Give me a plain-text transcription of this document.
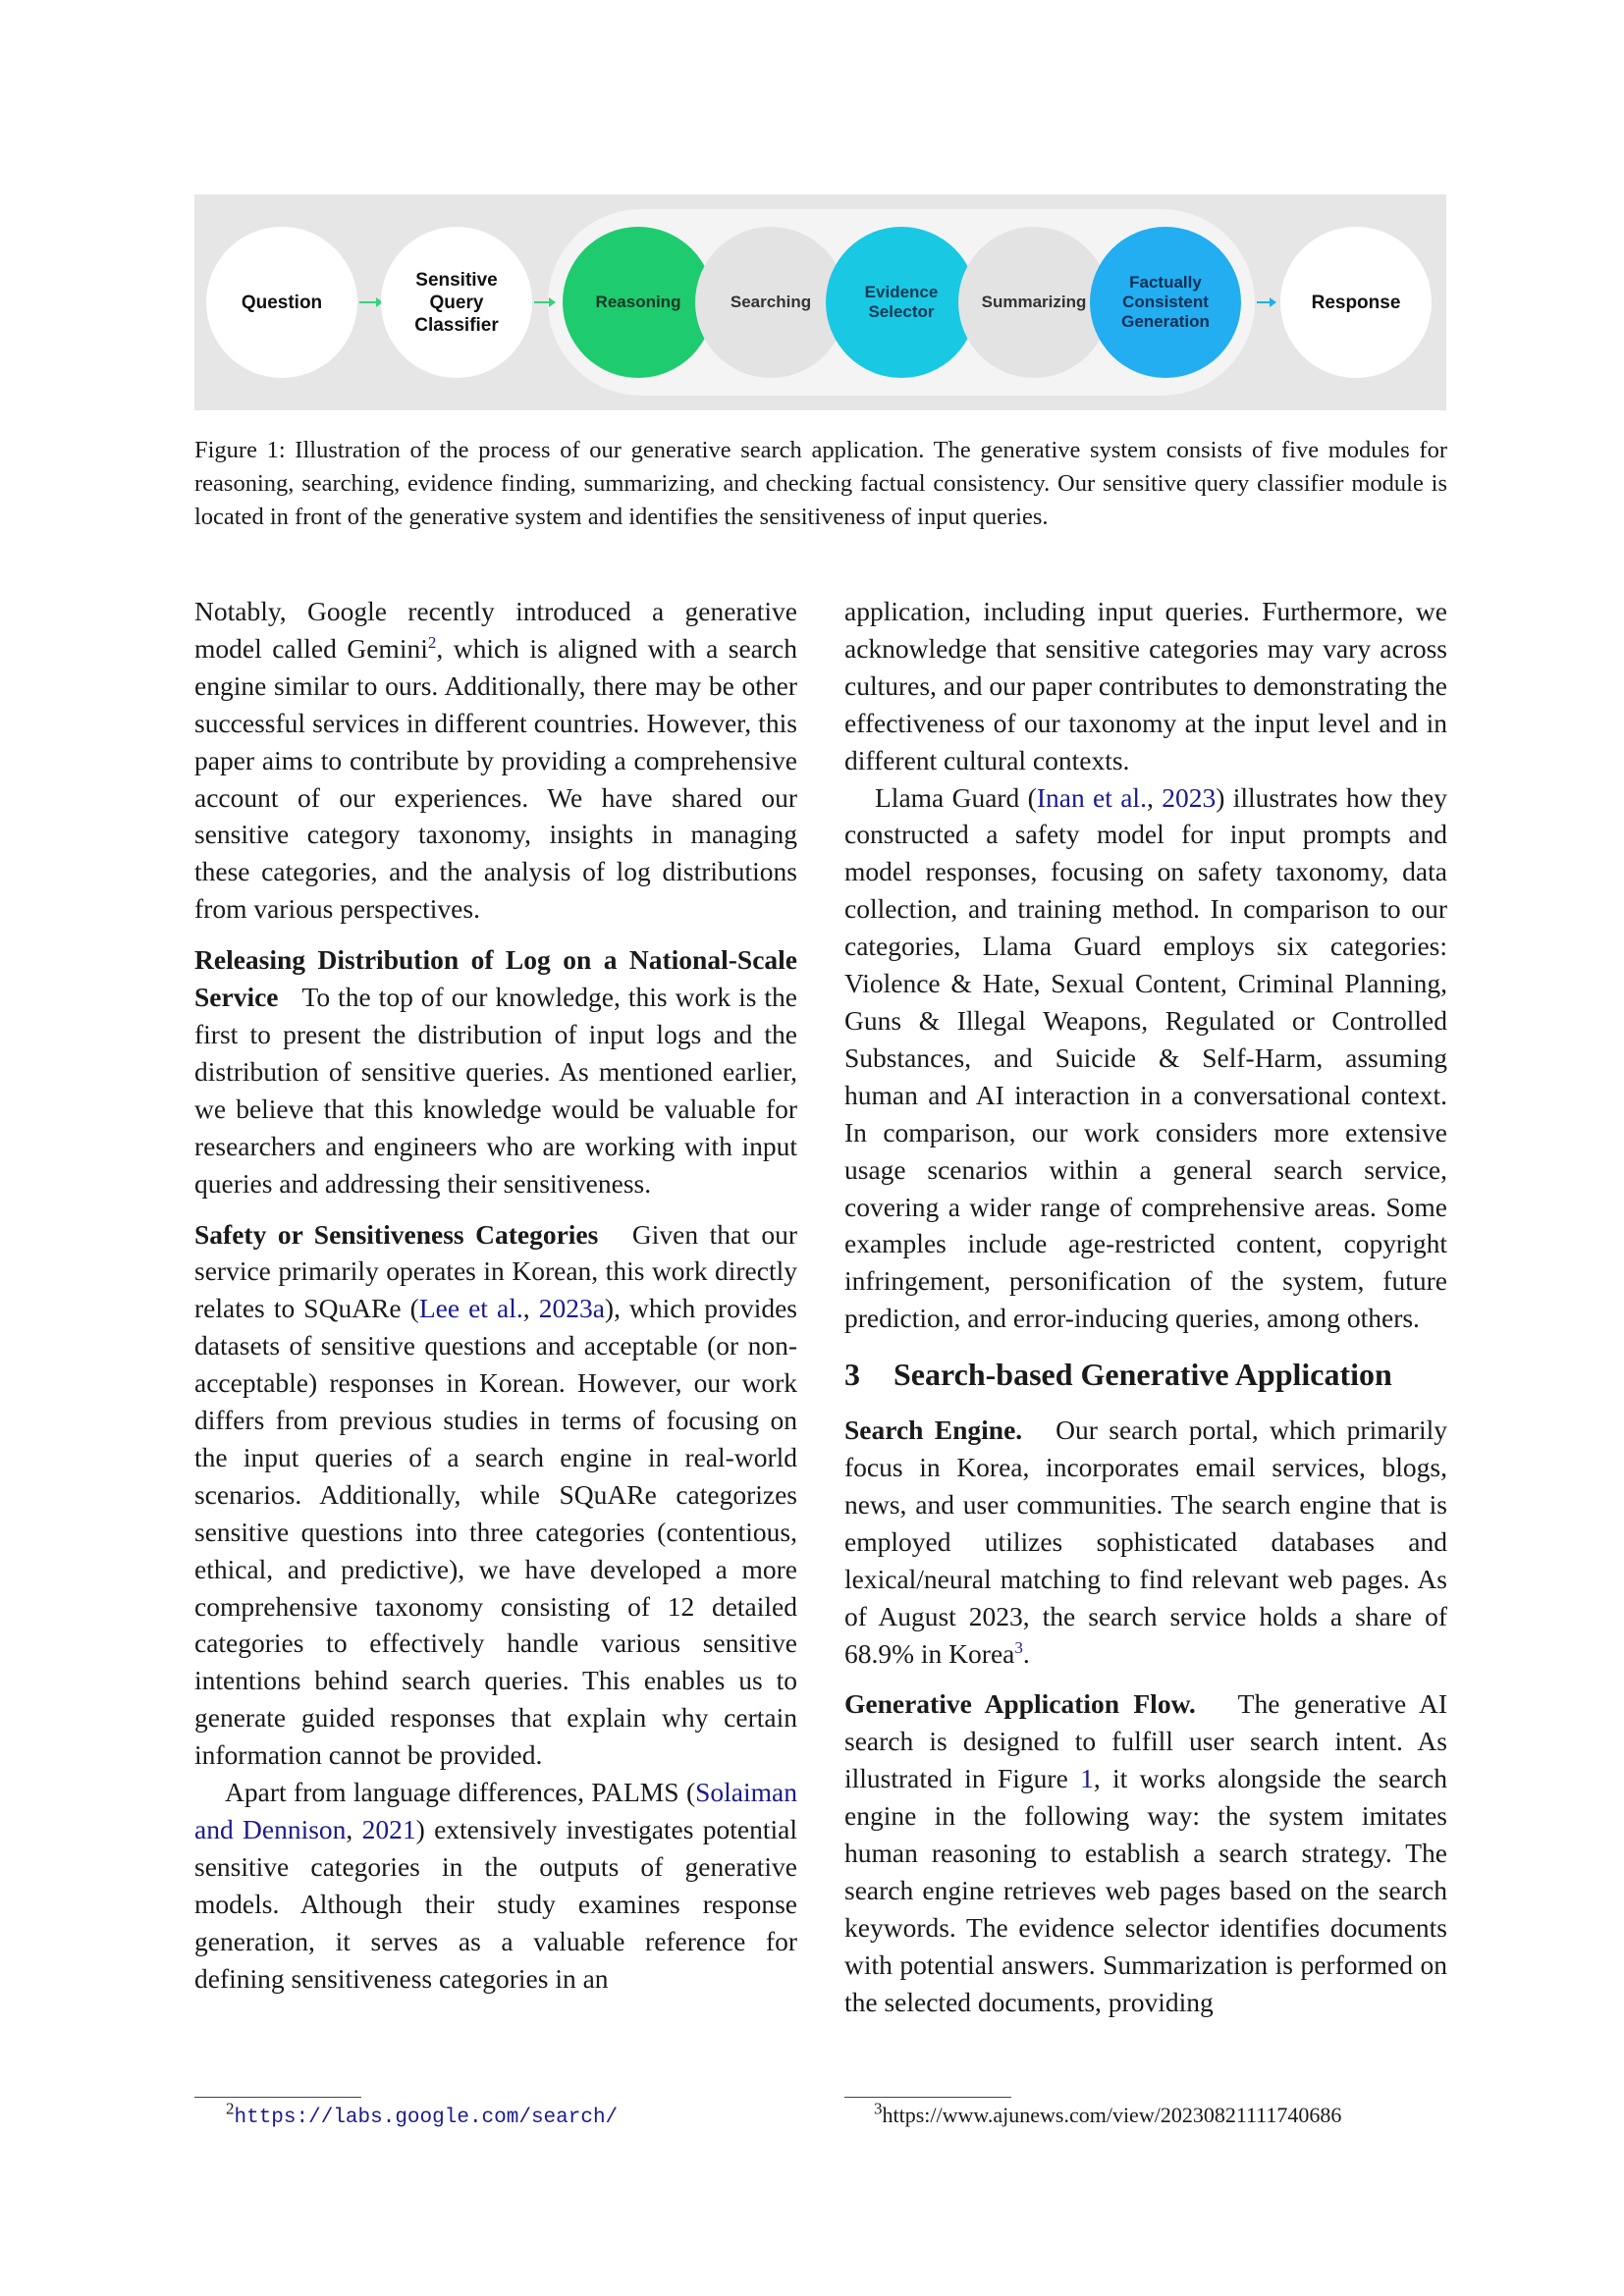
Question
Sensitive
Query
Classifier
Reasoning	Searching
Evidence
Selector
Summarizing
Factually
Consistent
Generation
Response
Figure 1: Illustration of the process of our generative search application. The generative system consists of five modules for reasoning, searching, evidence finding, summarizing, and checking factual consistency. Our sensitive query classifier module is located in front of the generative system and identifies the sensitiveness of input queries.

Notably, Google recently introduced a generative model called Gemini$^2$, which is aligned with a search engine similar to ours. Additionally, there may be other successful services in different countries. However, this paper aims to contribute by providing a comprehensive account of our experiences. We have shared our sensitive category taxonomy, insights in managing these categories, and the analysis of log distributions from various perspectives.

Releasing Distribution of Log on a National-Scale Service To the top of our knowledge, this work is the first to present the distribution of input logs and the distribution of sensitive queries. As mentioned earlier, we believe that this knowledge would be valuable for researchers and engineers who are working with input queries and addressing their sensitiveness.

Safety or Sensitiveness Categories Given that our service primarily operates in Korean, this work directly relates to SQuARe (Lee et al., 2023a), which provides datasets of sensitive questions and acceptable (or non-acceptable) responses in Korean. However, our work differs from previous studies in terms of focusing on the input queries of a search engine in real-world scenarios. Additionally, while SQuARe categorizes sensitive questions into three categories (contentious, ethical, and predictive), we have developed a more comprehensive taxonomy consisting of 12 detailed categories to effectively handle various sensitive intentions behind search queries. This enables us to generate guided responses that explain why certain information cannot be provided.

Apart from language differences, PALMS (Solaiman and Dennison, 2021) extensively investigates potential sensitive categories in the outputs of generative models. Although their study examines response generation, it serves as a valuable reference for defining sensitiveness categories in an

$^2$https://labs.google.com/search/

application, including input queries. Furthermore, we acknowledge that sensitive categories may vary across cultures, and our paper contributes to demonstrating the effectiveness of our taxonomy at the input level and in different cultural contexts.

Llama Guard (Inan et al., 2023) illustrates how they constructed a safety model for input prompts and model responses, focusing on safety taxonomy, data collection, and training method. In comparison to our categories, Llama Guard employs six categories: Violence & Hate, Sexual Content, Criminal Planning, Guns & Illegal Weapons, Regulated or Controlled Substances, and Suicide & Self-Harm, assuming human and AI interaction in a conversational context. In comparison, our work considers more extensive usage scenarios within a general search service, covering a wider range of comprehensive areas. Some examples include age-restricted content, copyright infringement, personification of the system, future prediction, and error-inducing queries, among others.

3 Search-based Generative Application

Search Engine. Our search portal, which primarily focus in Korea, incorporates email services, blogs, news, and user communities. The search engine that is employed utilizes sophisticated databases and lexical/neural matching to find relevant web pages. As of August 2023, the search service holds a share of 68.9% in Korea$^3$.

Generative Application Flow. The generative AI search is designed to fulfill user search intent. As illustrated in Figure 1, it works alongside the search engine in the following way: the system imitates human reasoning to establish a search strategy. The search engine retrieves web pages based on the search keywords. The evidence selector identifies documents with potential answers. Summarization is performed on the selected documents, providing

$^3$https://www.ajunews.com/view/20230821111740686
